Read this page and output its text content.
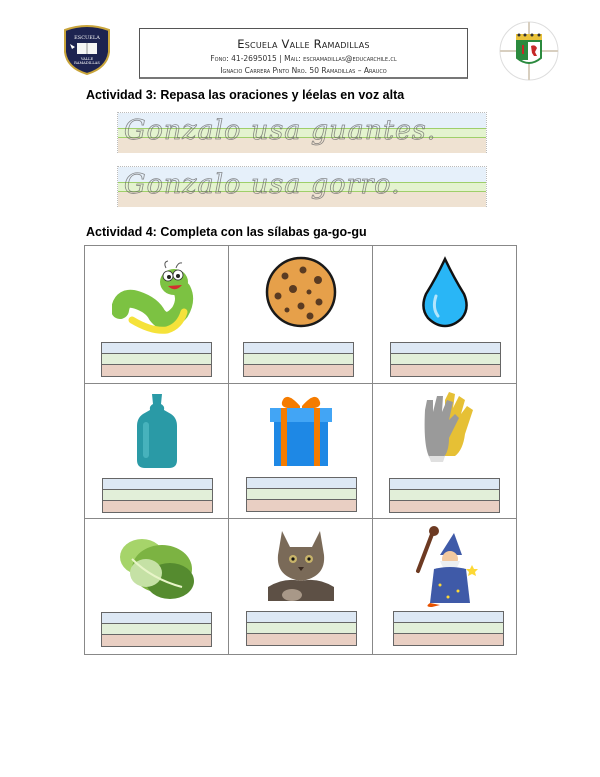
ESCUELA
VALLE
RAMADILLAS
Escuela Valle Ramadillas
Fono: 41-2695015 | Mail: escramadillas@educarchile.cl
Ignacio Carrera Pinto Nro. 50 Ramadillas – Arauco
Actividad 3: Repasa las oraciones y léelas en voz alta
Gonzalo usa guantes.
Gonzalo usa gorro.
Actividad 4: Completa con las sílabas ga-go-gu
